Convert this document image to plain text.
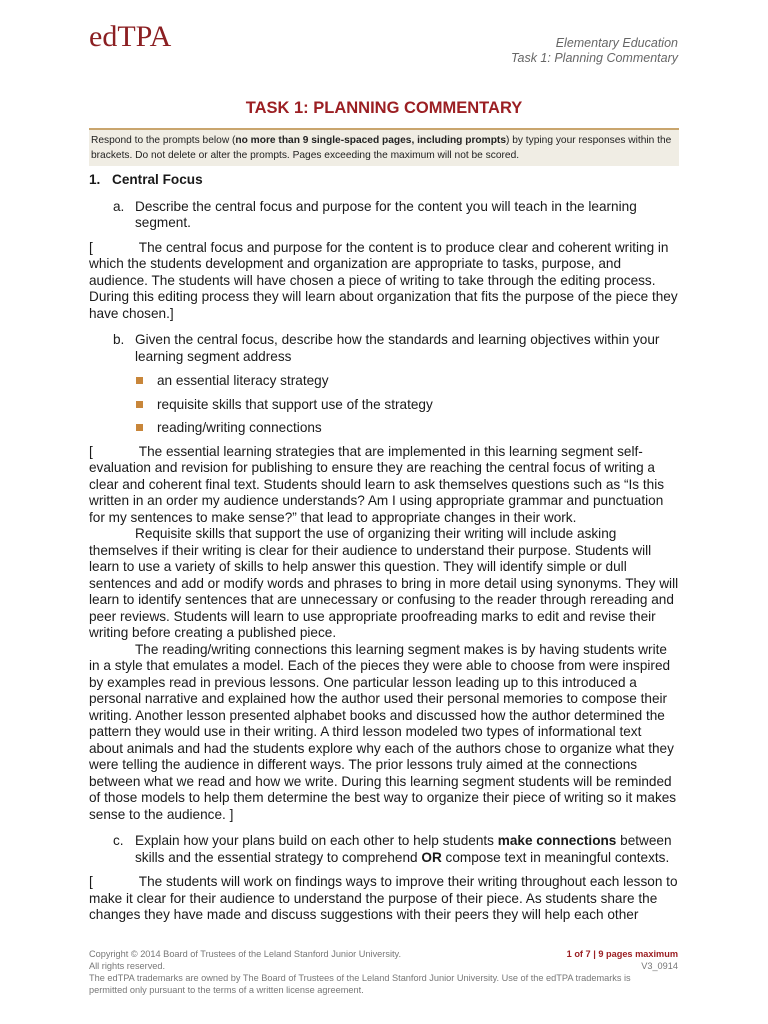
edTPA	Elementary Education
Task 1: Planning Commentary
TASK 1: PLANNING COMMENTARY
Respond to the prompts below (no more than 9 single-spaced pages, including prompts) by typing your responses within the brackets. Do not delete or alter the prompts. Pages exceeding the maximum will not be scored.
1. Central Focus
a. Describe the central focus and purpose for the content you will teach in the learning segment.

[	The central focus and purpose for the content is to produce clear and coherent writing in which the students development and organization are appropriate to tasks, purpose, and audience. The students will have chosen a piece of writing to take through the editing process. During this editing process they will learn about organization that fits the purpose of the piece they have chosen.]

b. Given the central focus, describe how the standards and learning objectives within your learning segment address
an essential literacy strategy
requisite skills that support use of the strategy
reading/writing connections

[	The essential learning strategies that are implemented in this learning segment self-evaluation and revision for publishing to ensure they are reaching the central focus of writing a clear and coherent final text. Students should learn to ask themselves questions such as “Is this written in an order my audience understands? Am I using appropriate grammar and punctuation for my sentences to make sense?” that lead to appropriate changes in their work.

Requisite skills that support the use of organizing their writing will include asking themselves if their writing is clear for their audience to understand their purpose. Students will learn to use a variety of skills to help answer this question. They will identify simple or dull sentences and add or modify words and phrases to bring in more detail using synonyms. They will learn to identify sentences that are unnecessary or confusing to the reader through rereading and peer reviews. Students will learn to use appropriate proofreading marks to edit and revise their writing before creating a published piece.

The reading/writing connections this learning segment makes is by having students write in a style that emulates a model. Each of the pieces they were able to choose from were inspired by examples read in previous lessons. One particular lesson leading up to this introduced a personal narrative and explained how the author used their personal memories to compose their writing. Another lesson presented alphabet books and discussed how the author determined the pattern they would use in their writing. A third lesson modeled two types of informational text about animals and had the students explore why each of the authors chose to organize what they were telling the audience in different ways. The prior lessons truly aimed at the connections between what we read and how we write. During this learning segment students will be reminded of those models to help them determine the best way to organize their piece of writing so it makes sense to the audience. ]

c. Explain how your plans build on each other to help students make connections between skills and the essential strategy to comprehend OR compose text in meaningful contexts.

[	The students will work on findings ways to improve their writing throughout each lesson to make it clear for their audience to understand the purpose of their piece. As students share the changes they have made and discuss suggestions with their peers they will help each other

Copyright © 2014 Board of Trustees of the Leland Stanford Junior University.
All rights reserved.
The edTPA trademarks are owned by The Board of Trustees of the Leland Stanford Junior University. Use of the edTPA trademarks is permitted only pursuant to the terms of a written license agreement.
1 of 7 | 9 pages maximum
V3_0914
